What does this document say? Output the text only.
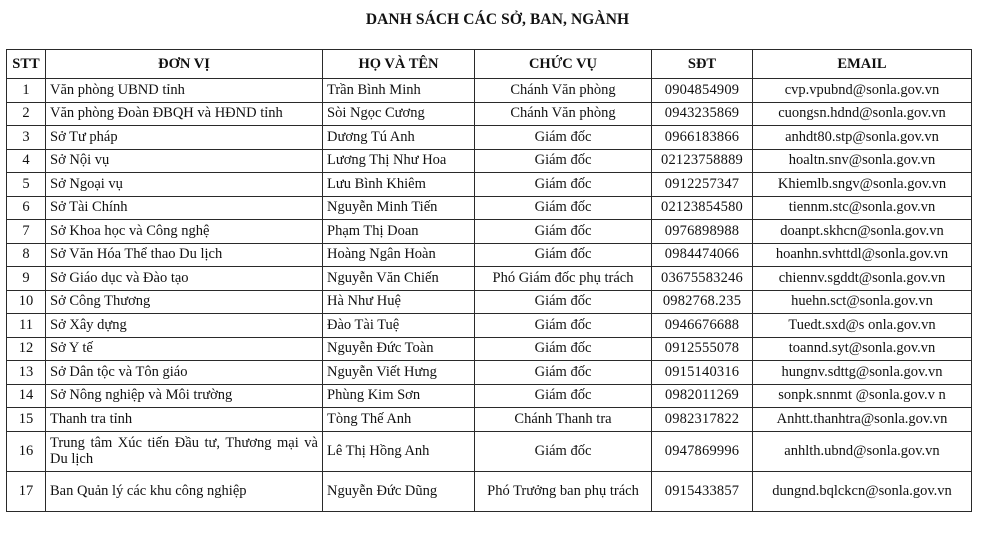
DANH SÁCH CÁC SỞ, BAN, NGÀNH
STT	ĐƠN VỊ	HỌ VÀ TÊN	CHỨC VỤ	SĐT	EMAIL
1	Văn phòng UBND tỉnh	Trần Bình Minh	Chánh Văn phòng	0904854909	cvp.vpubnd@sonla.gov.vn
2	Văn phòng Đoàn ĐBQH và HĐND tỉnh	Sòi Ngọc Cương	Chánh Văn phòng	0943235869	cuongsn.hdnd@sonla.gov.vn
3	Sở Tư pháp	Dương Tú Anh	Giám đốc	0966183866	anhdt80.stp@sonla.gov.vn
4	Sở Nội vụ	Lương Thị Như Hoa	Giám đốc	02123758889	hoaltn.snv@sonla.gov.vn
5	Sở Ngoại vụ	Lưu Bình Khiêm	Giám đốc	0912257347	Khiemlb.sngv@sonla.gov.vn
6	Sở Tài Chính	Nguyễn Minh Tiến	Giám đốc	02123854580	tiennm.stc@sonla.gov.vn
7	Sở Khoa học và Công nghệ	Phạm Thị Doan	Giám đốc	0976898988	doanpt.skhcn@sonla.gov.vn
8	Sở Văn Hóa Thể thao Du lịch	Hoàng Ngân Hoàn	Giám đốc	0984474066	hoanhn.svhttdl@sonla.gov.vn
9	Sở Giáo dục và Đào tạo	Nguyễn Văn Chiến	Phó Giám đốc phụ trách	03675583246	chiennv.sgddt@sonla.gov.vn
10	Sở Công Thương	Hà Như Huệ	Giám đốc	0982768.235	huehn.sct@sonla.gov.vn
11	Sở Xây dựng	Đào Tài Tuệ	Giám đốc	0946676688	Tuedt.sxd@s onla.gov.vn
12	Sở Y tế	Nguyễn Đức Toàn	Giám đốc	0912555078	toannd.syt@sonla.gov.vn
13	Sở Dân tộc và Tôn giáo	Nguyễn Viết Hưng	Giám đốc	0915140316	hungnv.sdttg@sonla.gov.vn
14	Sở Nông nghiệp và Môi trường	Phùng Kim Sơn	Giám đốc	0982011269	sonpk.snnmt @sonla.gov.v n
15	Thanh tra tỉnh	Tòng Thế Anh	Chánh Thanh tra	0982317822	Anhtt.thanhtra@sonla.gov.vn
16	Trung tâm Xúc tiến Đầu tư, Thương mại và Du lịch	Lê Thị Hồng Anh	Giám đốc	0947869996	anhlth.ubnd@sonla.gov.vn
17	Ban Quản lý các khu công nghiệp	Nguyễn Đức Dũng	Phó Trưởng ban phụ trách	0915433857	dungnd.bqlckcn@sonla.gov.vn
